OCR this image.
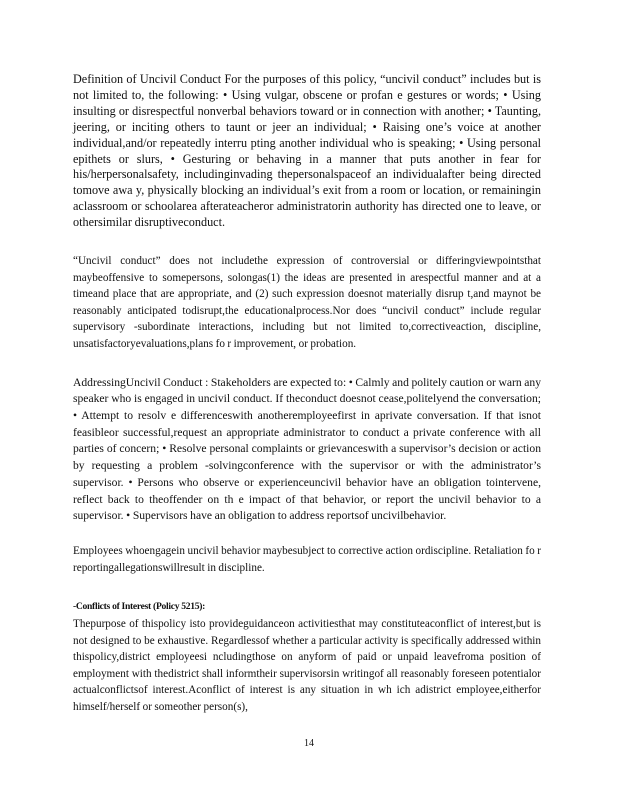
Definition of Uncivil Conduct For the purposes of this policy, “uncivil conduct” includes but is not limited to, the following: • Using vulgar, obscene or profan e gestures or words; • Using insulting or disrespectful nonverbal behaviors toward or in connection with another; • Taunting, jeering, or inciting others to taunt or jeer an individual; • Raising one’s voice at another individual,and/or repeatedly interru pting another individual who is speaking; • Using personal epithets or slurs, • Gesturing or behaving in a manner that puts another in fear for his/herpersonalsafety, includinginvading thepersonalspaceof an individualafter being directed tomove awa y, physically blocking an individual’s exit from a room or location, or remainingin aclassroom or schoolarea afterateacheror administratorin authority has directed one to leave, or othersimilar disruptiveconduct.

“Uncivil conduct” does not includethe expression of controversial or differingviewpointsthat maybeoffensive to somepersons, solongas(1) the ideas are presented in arespectful manner and at a timeand place that are appropriate, and (2) such expression doesnot materially disrup t,and maynot be reasonably anticipated todisrupt,the educationalprocess.Nor does “uncivil conduct” include regular supervisory -subordinate interactions, including but not limited to,correctiveaction, discipline, unsatisfactoryevaluations,plans fo r improvement, or probation.

AddressingUncivil Conduct : Stakeholders are expected to: • Calmly and politely caution or warn any speaker who is engaged in uncivil conduct. If theconduct doesnot cease,politelyend the conversation; • Attempt to resolv e differenceswith anotheremployeefirst in aprivate conversation. If that isnot feasibleor successful,request an appropriate administrator to conduct a private conference with all parties of concern; • Resolve personal complaints or grievanceswith a supervisor’s decision or action by requesting a problem -solvingconference with the supervisor or with the administrator’s supervisor. • Persons who observe or experienceuncivil behavior have an obligation tointervene, reflect back to theoffender on th e impact of that behavior, or report the uncivil behavior to a supervisor. • Supervisors have an obligation to address reportsof uncivilbehavior.

Employees whoengagein uncivil behavior maybesubject to corrective action ordiscipline. Retaliation fo r reportingallegationswillresult in discipline.

-Conflicts of Interest (Policy 5215):

Thepurpose of thispolicy isto provideguidanceon activitiesthat may constituteaconflict of interest,but is not designed to be exhaustive. Regardlessof whether a particular activity is specifically addressed within thispolicy,district employeesi ncludingthose on anyform of paid or unpaid leavefroma position of employment with thedistrict shall informtheir supervisorsin writingof all reasonably foreseen potentialor actualconflictsof interest.Aconflict of interest is any situation in wh ich adistrict employee,eitherfor himself/herself or someother person(s),

14
